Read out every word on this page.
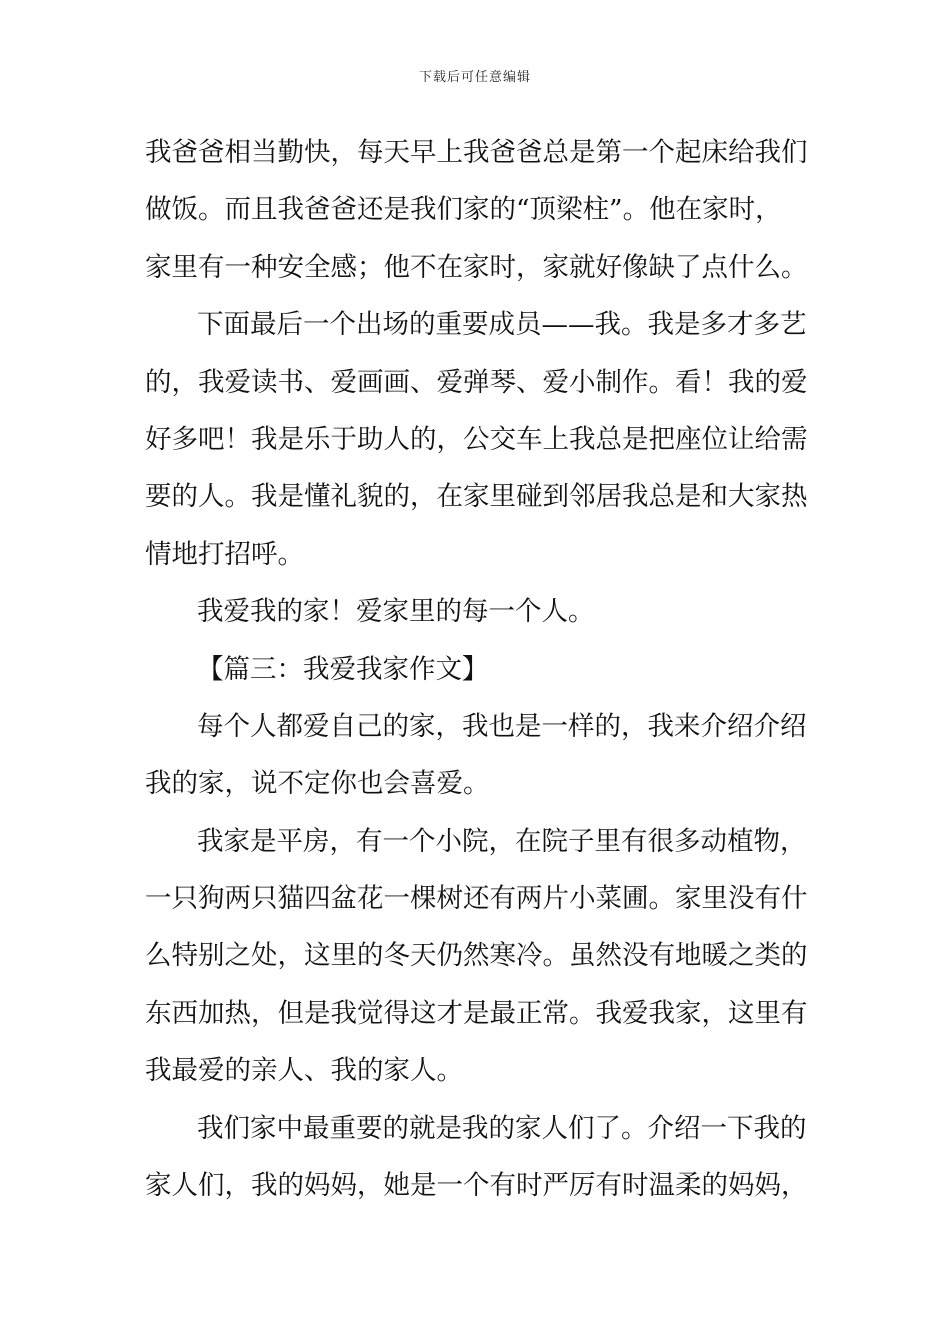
下载后可任意编辑
我爸爸相当勤快，每天早上我爸爸总是第一个起床给我们
做饭。而且我爸爸还是我们家的“顶梁柱”。他在家时，
家里有一种安全感；他不在家时，家就好像缺了点什么。
下面最后一个出场的重要成员——我。我是多才多艺
的，我爱读书、爱画画、爱弹琴、爱小制作。看！我的爱
好多吧！我是乐于助人的，公交车上我总是把座位让给需
要的人。我是懂礼貌的，在家里碰到邻居我总是和大家热
情地打招呼。
我爱我的家！爱家里的每一个人。
【篇三：我爱我家作文】
每个人都爱自己的家，我也是一样的，我来介绍介绍
我的家，说不定你也会喜爱。
我家是平房，有一个小院，在院子里有很多动植物，
一只狗两只猫四盆花一棵树还有两片小菜圃。家里没有什
么特别之处，这里的冬天仍然寒冷。虽然没有地暖之类的
东西加热，但是我觉得这才是最正常。我爱我家，这里有
我最爱的亲人、我的家人。
我们家中最重要的就是我的家人们了。介绍一下我的
家人们，我的妈妈，她是一个有时严厉有时温柔的妈妈，
